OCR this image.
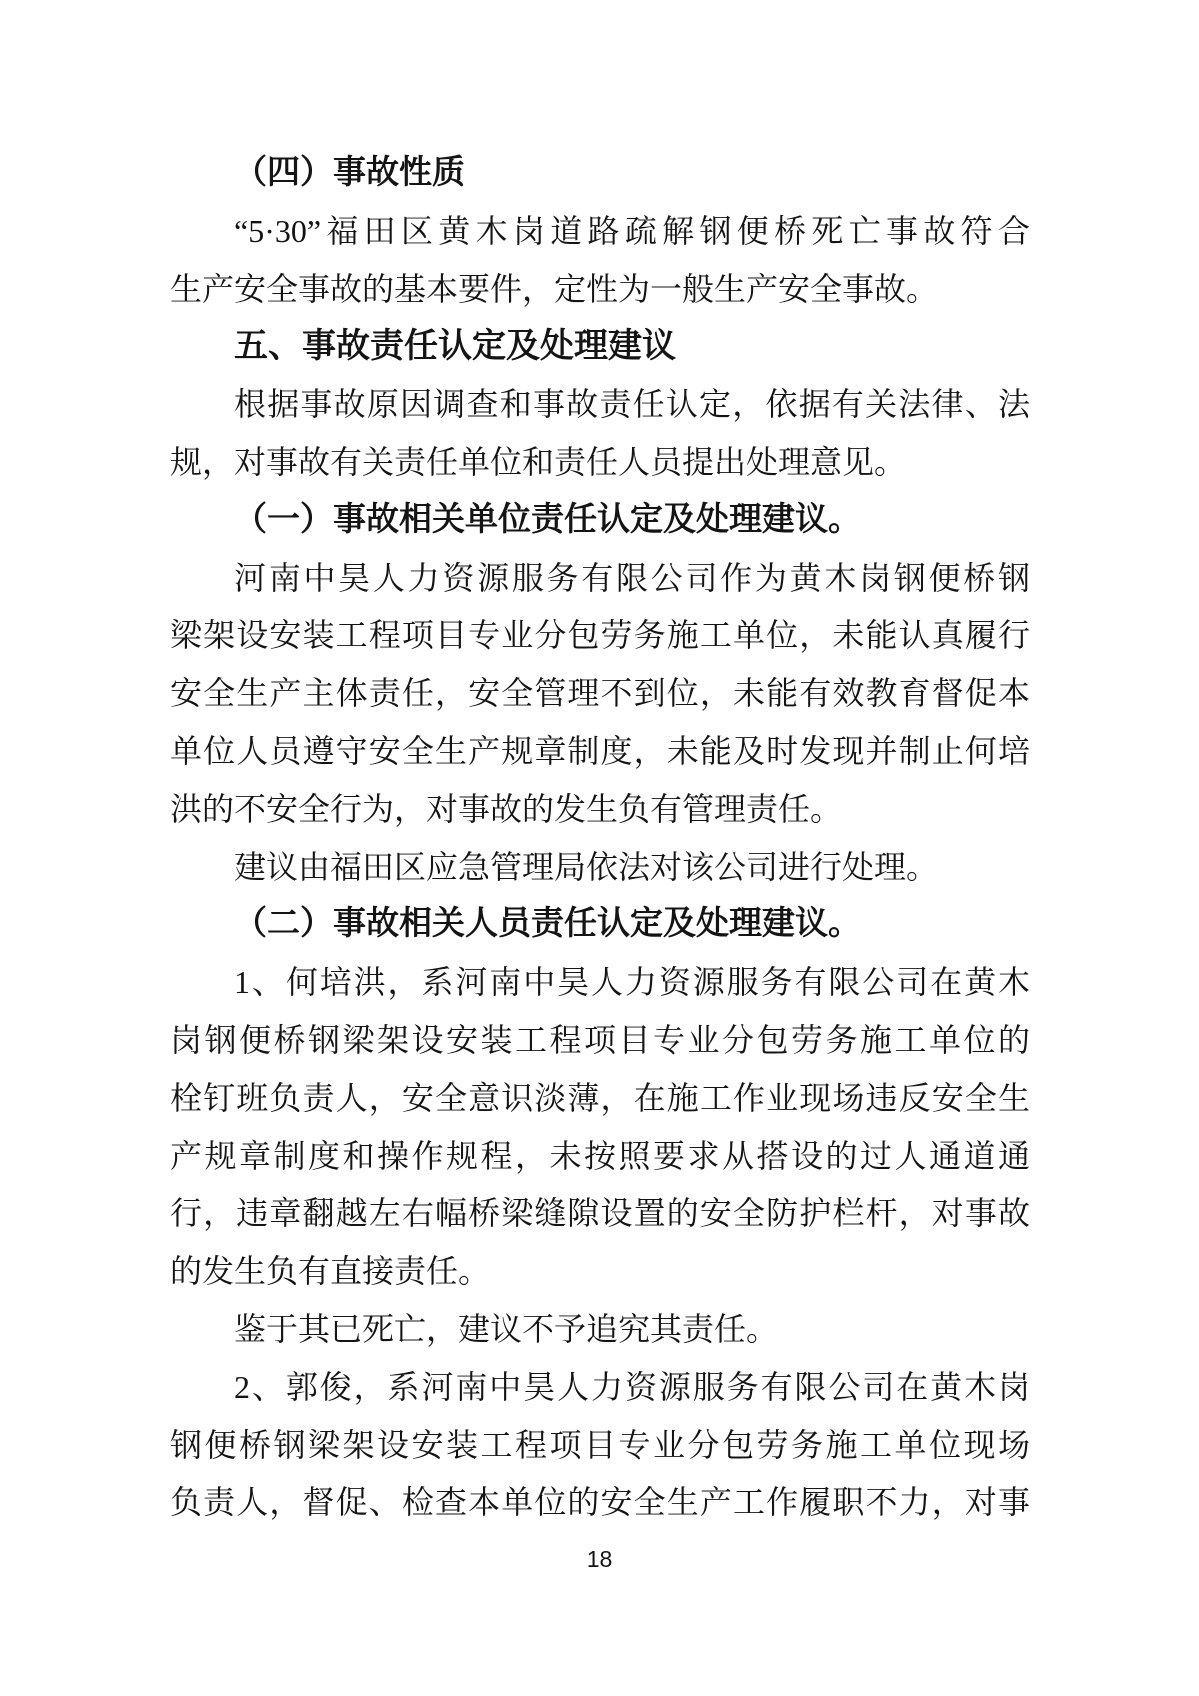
（四）事故性质
“5·30”福田区黄木岗道路疏解钢便桥死亡事故符合
生产安全事故的基本要件，定性为一般生产安全事故。
五、事故责任认定及处理建议
根据事故原因调查和事故责任认定，依据有关法律、法
规，对事故有关责任单位和责任人员提出处理意见。
（一）事故相关单位责任认定及处理建议。
河南中昊人力资源服务有限公司作为黄木岗钢便桥钢
梁架设安装工程项目专业分包劳务施工单位，未能认真履行
安全生产主体责任，安全管理不到位，未能有效教育督促本
单位人员遵守安全生产规章制度，未能及时发现并制止何培
洪的不安全行为，对事故的发生负有管理责任。
建议由福田区应急管理局依法对该公司进行处理。
（二）事故相关人员责任认定及处理建议。
1、何培洪，系河南中昊人力资源服务有限公司在黄木
岗钢便桥钢梁架设安装工程项目专业分包劳务施工单位的
栓钉班负责人，安全意识淡薄，在施工作业现场违反安全生
产规章制度和操作规程，未按照要求从搭设的过人通道通
行，违章翻越左右幅桥梁缝隙设置的安全防护栏杆，对事故
的发生负有直接责任。
鉴于其已死亡，建议不予追究其责任。
2、郭俊，系河南中昊人力资源服务有限公司在黄木岗
钢便桥钢梁架设安装工程项目专业分包劳务施工单位现场
负责人，督促、检查本单位的安全生产工作履职不力，对事
18
